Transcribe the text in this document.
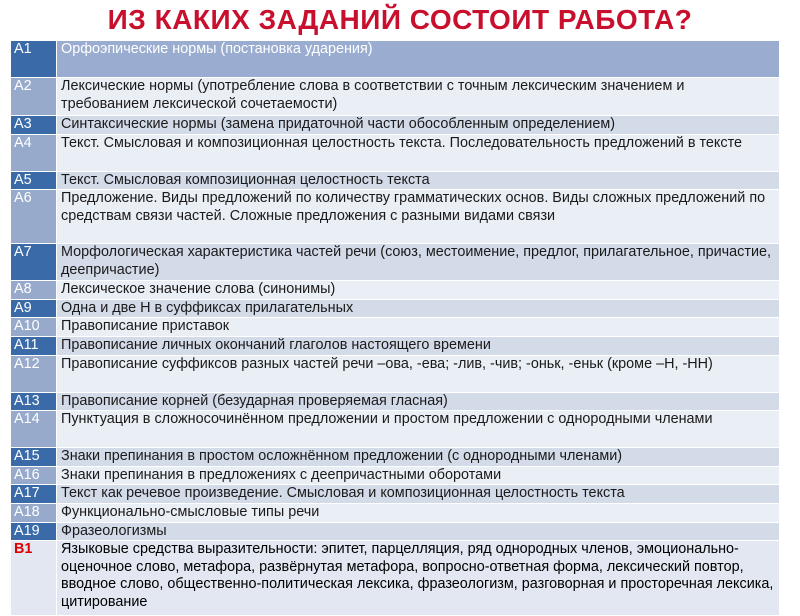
ИЗ КАКИХ ЗАДАНИЙ СОСТОИТ РАБОТА?
А1	Орфоэпические нормы (постановка ударения)
А2	Лексические нормы (употребление слова в соответствии с точным лексическим значением и требованием лексической сочетаемости)
А3	Синтаксические нормы (замена придаточной части обособленным определением)
А4	Текст. Смысловая и композиционная целостность текста. Последовательность предложений в тексте
А5	Текст. Смысловая композиционная целостность текста
А6	Предложение. Виды предложений по количеству грамматических основ. Виды сложных предложений по средствам связи частей. Сложные предложения с разными видами связи
А7	Морфологическая характеристика частей речи (союз, местоимение, предлог, прилагательное, причастие, деепричастие)
А8	Лексическое значение слова (синонимы)
А9	Одна и две Н в суффиксах прилагательных
А10	Правописание приставок
А11	Правописание личных окончаний глаголов настоящего времени
А12	Правописание суффиксов разных частей речи –ова, -ева; -лив, -чив; -оньк, -еньк (кроме –Н, -НН)
А13	Правописание корней (безударная проверяемая гласная)
А14	Пунктуация в сложносочинённом предложении и простом предложении с однородными членами
А15	Знаки препинания в простом осложнённом предложении (с однородными членами)
А16	Знаки препинания в предложениях с деепричастными оборотами
А17	Текст как речевое произведение. Смысловая и композиционная целостность текста
А18	Функционально-смысловые типы речи
А19	Фразеологизмы
В1	Языковые средства выразительности: эпитет, парцелляция, ряд однородных членов, эмоционально-оценочное слово, метафора, развёрнутая метафора, вопросно-ответная форма, лексический повтор, вводное слово, общественно-политическая лексика, фразеологизм, разговорная и просторечная лексика, цитирование
